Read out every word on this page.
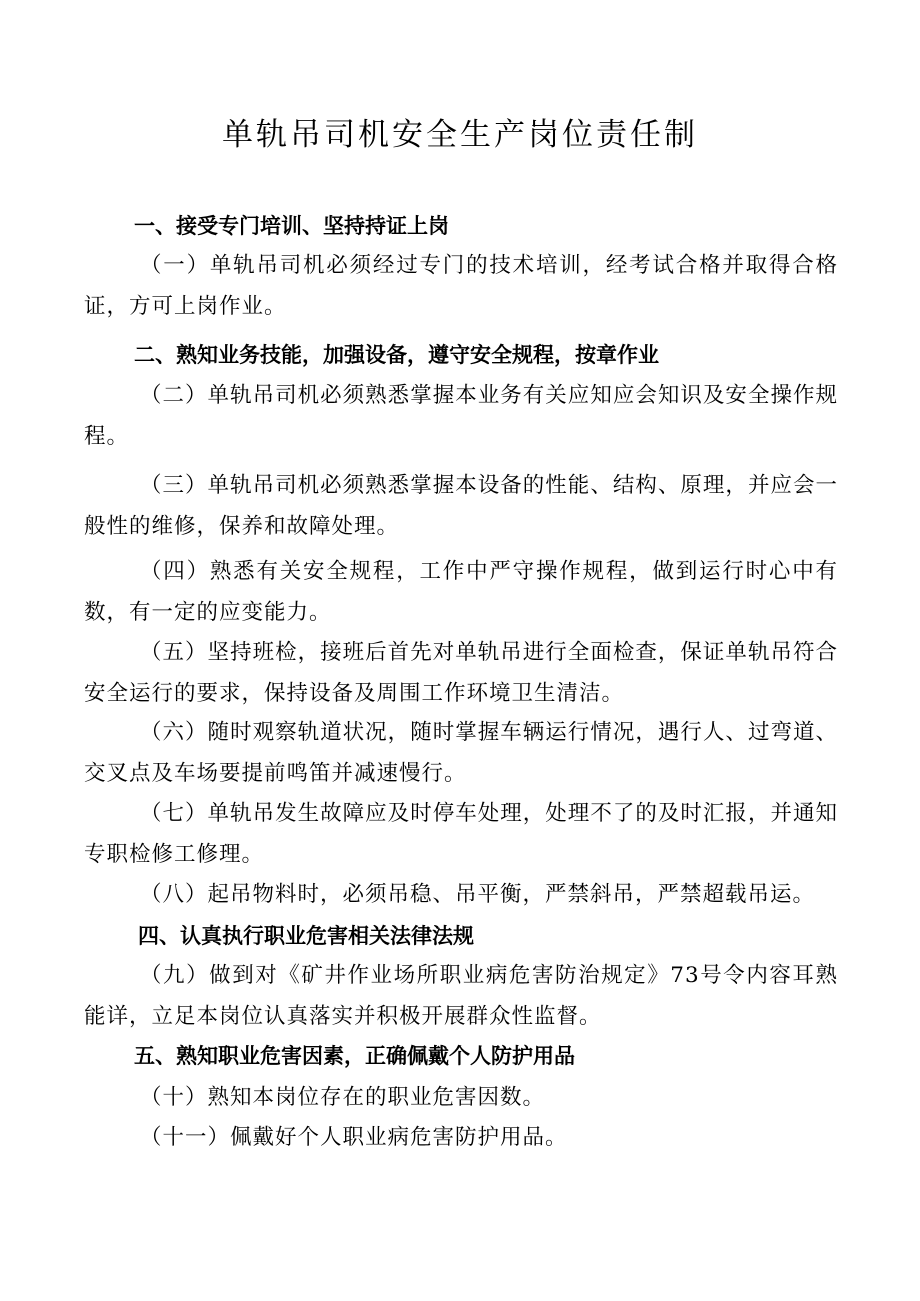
单轨吊司机安全生产岗位责任制
一、接受专门培训、坚持持证上岗

（一）单轨吊司机必须经过专门的技术培训，经考试合格并取得合格证，方可上岗作业。

二、熟知业务技能，加强设备，遵守安全规程，按章作业

（二）单轨吊司机必须熟悉掌握本业务有关应知应会知识及安全操作规程。

（三）单轨吊司机必须熟悉掌握本设备的性能、结构、原理，并应会一般性的维修，保养和故障处理。

（四）熟悉有关安全规程，工作中严守操作规程，做到运行时心中有数，有一定的应变能力。

（五）坚持班检，接班后首先对单轨吊进行全面检查，保证单轨吊符合安全运行的要求，保持设备及周围工作环境卫生清洁。

（六）随时观察轨道状况，随时掌握车辆运行情况，遇行人、过弯道、交叉点及车场要提前鸣笛并减速慢行。

（七）单轨吊发生故障应及时停车处理，处理不了的及时汇报，并通知专职检修工修理。

（八）起吊物料时，必须吊稳、吊平衡，严禁斜吊，严禁超载吊运。

四、认真执行职业危害相关法律法规

（九）做到对《矿井作业场所职业病危害防治规定》73号令内容耳熟能详，立足本岗位认真落实并积极开展群众性监督。

五、熟知职业危害因素，正确佩戴个人防护用品

（十）熟知本岗位存在的职业危害因数。

（十一）佩戴好个人职业病危害防护用品。
